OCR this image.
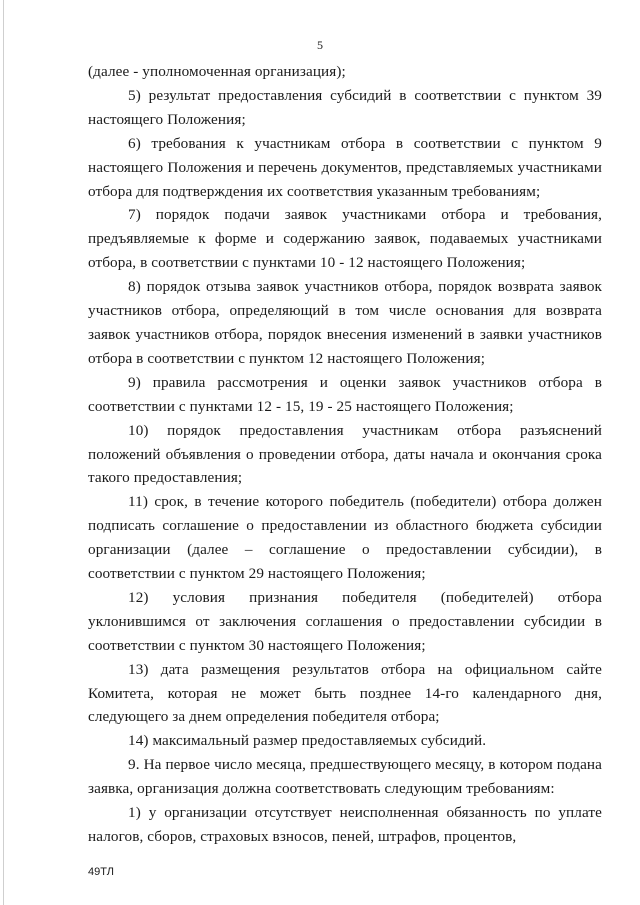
5

(далее - уполномоченная организация);

5) результат предоставления субсидий в соответствии с пунктом 39 настоящего Положения;

6) требования к участникам отбора в соответствии с пунктом 9 настоящего Положения и перечень документов, представляемых участниками отбора для подтверждения их соответствия указанным требованиям;

7) порядок подачи заявок участниками отбора и требования, предъявляемые к форме и содержанию заявок, подаваемых участниками отбора, в соответствии с пунктами 10 - 12 настоящего Положения;

8) порядок отзыва заявок участников отбора, порядок возврата заявок участников отбора, определяющий в том числе основания для возврата заявок участников отбора, порядок внесения изменений в заявки участников отбора в соответствии с пунктом 12 настоящего Положения;

9) правила рассмотрения и оценки заявок участников отбора в соответствии с пунктами 12 - 15, 19 - 25 настоящего Положения;

10) порядок предоставления участникам отбора разъяснений положений объявления о проведении отбора, даты начала и окончания срока такого предоставления;

11) срок, в течение которого победитель (победители) отбора должен подписать соглашение о предоставлении из областного бюджета субсидии организации (далее – соглашение о предоставлении субсидии), в соответствии с пунктом 29 настоящего Положения;

12) условия признания победителя (победителей) отбора уклонившимся от заключения соглашения о предоставлении субсидии в соответствии с пунктом 30 настоящего Положения;

13) дата размещения результатов отбора на официальном сайте Комитета, которая не может быть позднее 14-го календарного дня, следующего за днем определения победителя отбора;

14) максимальный размер предоставляемых субсидий.

9. На первое число месяца, предшествующего месяцу, в котором подана заявка, организация должна соответствовать следующим требованиям:

1) у организации отсутствует неисполненная обязанность по уплате налогов, сборов, страховых взносов, пеней, штрафов, процентов,

49ТЛ
